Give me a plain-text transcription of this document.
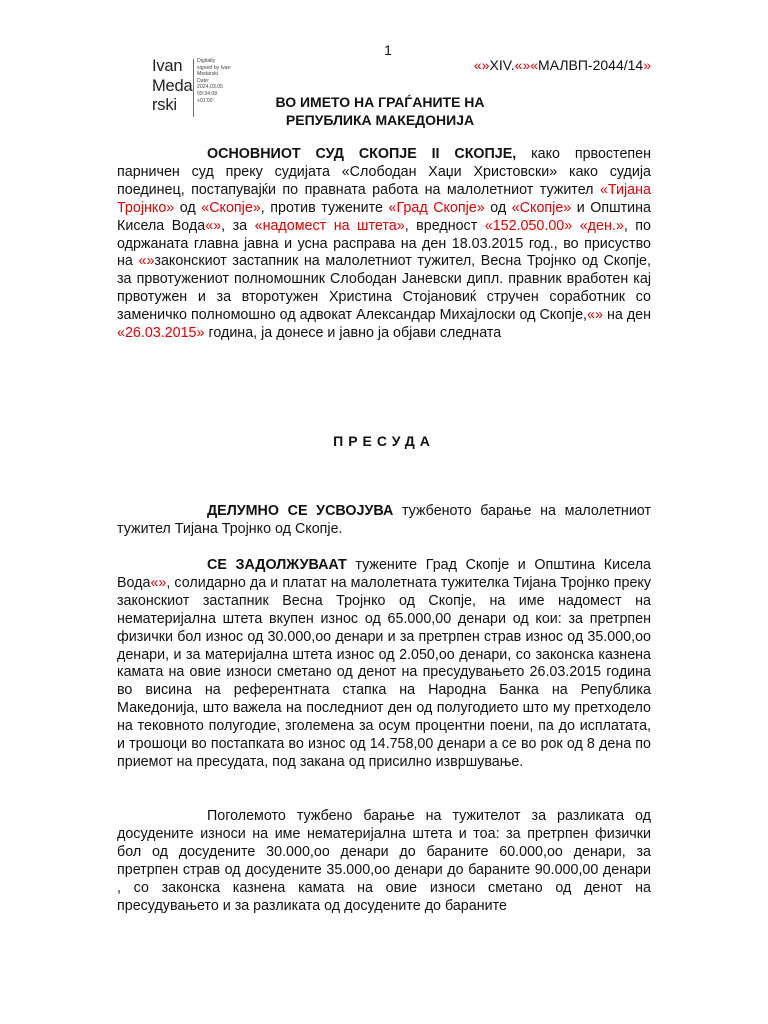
1
Ivan
Meda
rski
Digitally
signed by Ivan
Medarski
Date:
2024.03.05
09:34:08
+01'00'
«»XIV.«»«МАЛВП-2044/14»
ВО ИМЕТО НА ГРАЃАНИТЕ НА
РЕПУБЛИКА МАКЕДОНИЈА
ОСНОВНИОТ СУД СКОПЈЕ II СКОПЈЕ, како првостепен парничен суд преку судијата «Слободан Хаџи Христовски» како судија поединец, постапувајќи по правната работа на малолетниот тужител «Тијана Тројнко» од «Скопје», против тужените «Град Скопје» од «Скопје» и Општина Кисела Вода«», за «надомест на штета», вредност «152.050.00» «ден.», по одржаната главна јавна и усна расправа на ден 18.03.2015 год., во присуство на «»законскиот застапник на малолетниот тужител, Весна Тројнко од Скопје, за првотужениот полномошник Слободан Јаневски дипл. правник вработен кај првотужен и за второтужен Христина Стојановиќ стручен соработник со заменичко полномошно од адвокат Александар Михајлоски од Скопје,«» на ден «26.03.2015» година, ја донесе и јавно ја објави следната
ПРЕСУДА
ДЕЛУМНО СЕ УСВОЈУВА тужбеното барање на малолетниот тужител Тијана Тројнко од Скопје.
СЕ ЗАДОЛЖУВААТ тужените Град Скопје и Општина Кисела Вода«», солидарно да и платат на малолетната тужителка Тијана Тројнко преку законскиот застапник Весна Тројнко од Скопје, на име надомест на нематеријална штета вкупен износ од 65.000,00 денари од кои: за претрпен физички бол износ од 30.000,оо денари и за претрпен страв износ од 35.000,оо денари, и за материјална штета износ од 2.050,оо денари, со законска казнена камата на овие износи сметано од денот на пресудувањето 26.03.2015 година во висина на референтната стапка на Народна Банка на Република Македонија, што важела на последниот ден од полугодието што му претходело на тековното полугодие, зголемена за осум процентни поени, па до исплатата, и трошоци во постапката во износ од 14.758,00 денари а се во рок од 8 дена по приемот на пресудата, под закана од присилно извршување.
Поголемото тужбено барање на тужителот за разликата од досудените износи на име нематеријална штета и тоа: за претрпен физички бол од досудените 30.000,оо денари до бараните 60.000,оо денари, за претрпен страв од досудените 35.000,оо денари до бараните 90.000,00 денари , со законска казнена камата на овие износи сметано од денот на пресудувањето и за разликата од досудените до бараните
